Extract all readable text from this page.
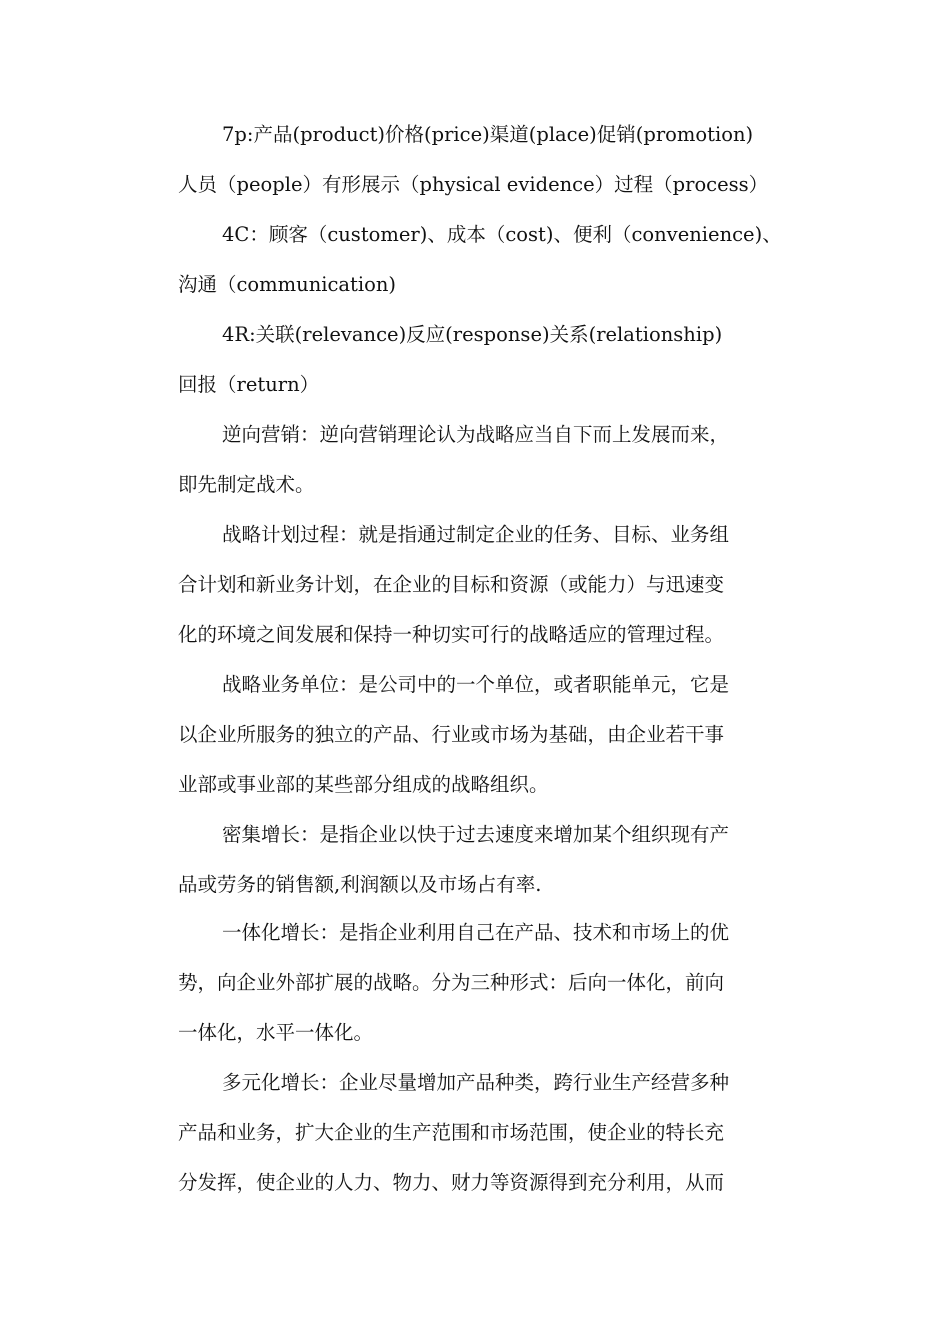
7p:产品(product)价格(price)渠道(place)促销(promotion)

人员（people）有形展示（physical evidence）过程（process）

4C：顾客（customer)、成本（cost)、便利（convenience)、

沟通（communication)

4R:关联(relevance)反应(response)关系(relationship)

回报（return）

逆向营销：逆向营销理论认为战略应当自下而上发展而来，

即先制定战术。

战略计划过程：就是指通过制定企业的任务、目标、业务组

合计划和新业务计划，在企业的目标和资源（或能力）与迅速变

化的环境之间发展和保持一种切实可行的战略适应的管理过程。

战略业务单位：是公司中的一个单位，或者职能单元，它是

以企业所服务的独立的产品、行业或市场为基础，由企业若干事

业部或事业部的某些部分组成的战略组织。

密集增长：是指企业以快于过去速度来增加某个组织现有产

品或劳务的销售额,利润额以及市场占有率.

一体化增长：是指企业利用自己在产品、技术和市场上的优

势，向企业外部扩展的战略。分为三种形式：后向一体化，前向

一体化，水平一体化。

多元化增长：企业尽量增加产品种类，跨行业生产经营多种

产品和业务，扩大企业的生产范围和市场范围，使企业的特长充

分发挥，使企业的人力、物力、财力等资源得到充分利用，从而
